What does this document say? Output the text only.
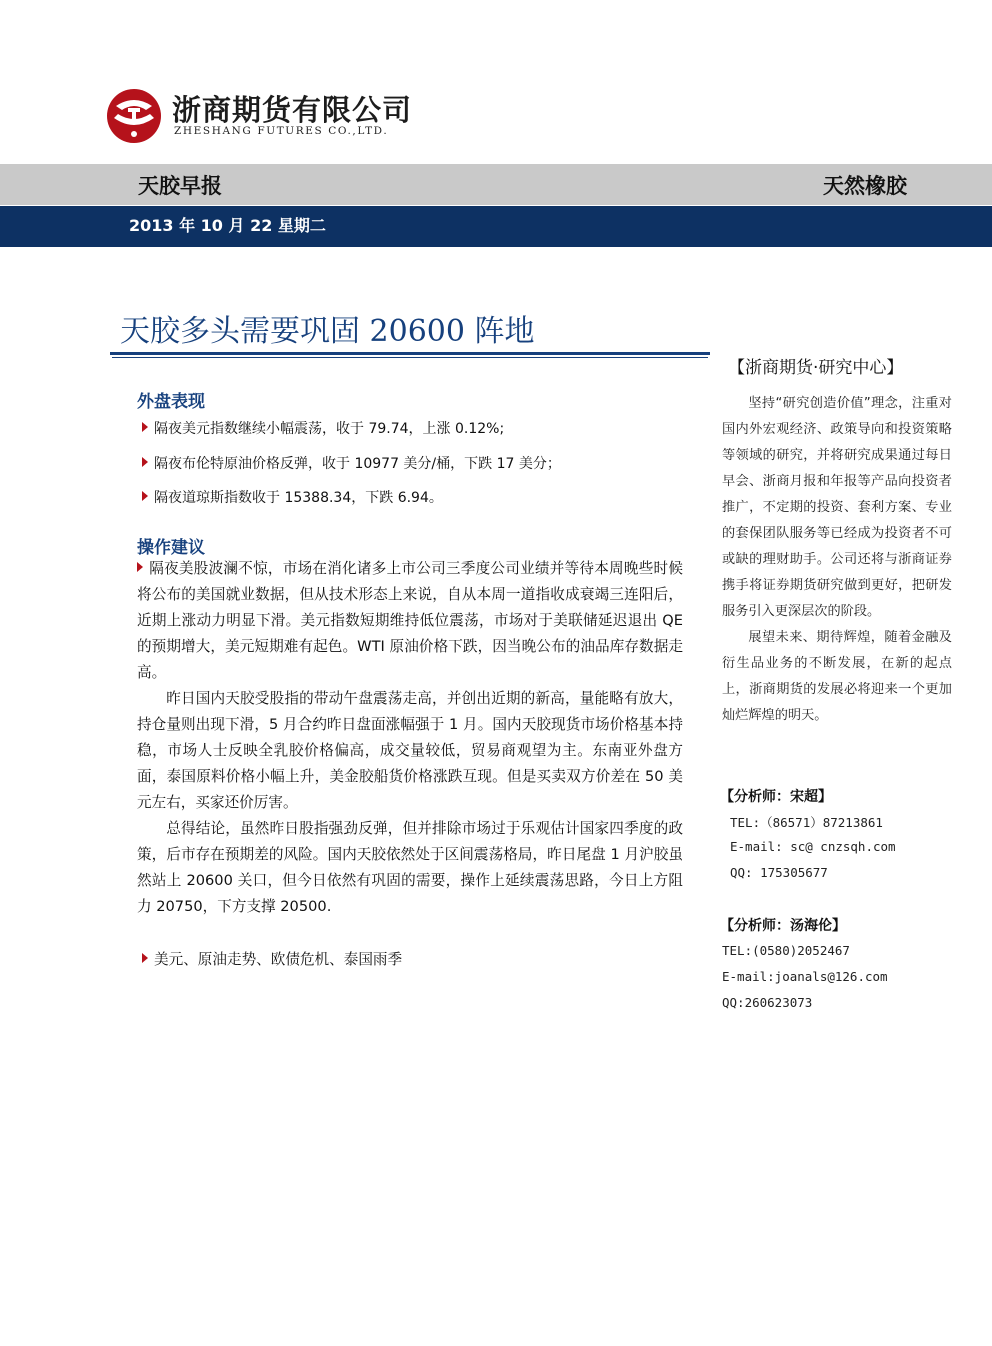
浙商期货有限公司
ZHESHANG FUTURES CO.,LTD.
天胶早报	天然橡胶
2013 年 10 月 22 星期二
天胶多头需要巩固 20600 阵地
外盘表现
隔夜美元指数继续小幅震荡，收于 79.74，上涨 0.12%;
隔夜布伦特原油价格反弹，收于 10977 美分/桶，下跌 17 美分；
隔夜道琼斯指数收于 15388.34，下跌 6.94。
操作建议

隔夜美股波澜不惊，市场在消化诸多上市公司三季度公司业绩并等待本周晚些时候将公布的美国就业数据，但从技术形态上来说，自从本周一道指收成衰竭三连阳后，近期上涨动力明显下滑。美元指数短期维持低位震荡，市场对于美联储延迟退出 QE 的预期增大，美元短期难有起色。WTI 原油价格下跌，因当晚公布的油品库存数据走高。

昨日国内天胶受股指的带动午盘震荡走高，并创出近期的新高，量能略有放大，持仓量则出现下滑，5 月合约昨日盘面涨幅强于 1 月。国内天胶现货市场价格基本持稳，市场人士反映全乳胶价格偏高，成交量较低，贸易商观望为主。东南亚外盘方面，泰国原料价格小幅上升，美金胶船货价格涨跌互现。但是买卖双方价差在 50 美元左右，买家还价厉害。

总得结论，虽然昨日股指强劲反弹，但并排除市场过于乐观估计国家四季度的政策，后市存在预期差的风险。国内天胶依然处于区间震荡格局，昨日尾盘 1 月沪胶虽然站上 20600 关口，但今日依然有巩固的需要，操作上延续震荡思路，今日上方阻力 20750，下方支撑 20500.

美元、原油走势、欧债危机、泰国雨季
【浙商期货·研究中心】

坚持“研究创造价值”理念，注重对国内外宏观经济、政策导向和投资策略等领域的研究，并将研究成果通过每日早会、浙商月报和年报等产品向投资者推广，不定期的投资、套利方案、专业的套保团队服务等已经成为投资者不可或缺的理财助手。公司还将与浙商证券携手将证券期货研究做到更好，把研发服务引入更深层次的阶段。

展望未来、期待辉煌，随着金融及衍生品业务的不断发展，在新的起点上，浙商期货的发展必将迎来一个更加灿烂辉煌的明天。

【分析师：宋超】
TEL:（86571）87213861
E-mail: sc@ cnzsqh.com
QQ: 175305677
【分析师：汤海伦】
TEL:(0580)2052467
E-mail:joanals@126.com
QQ:260623073
